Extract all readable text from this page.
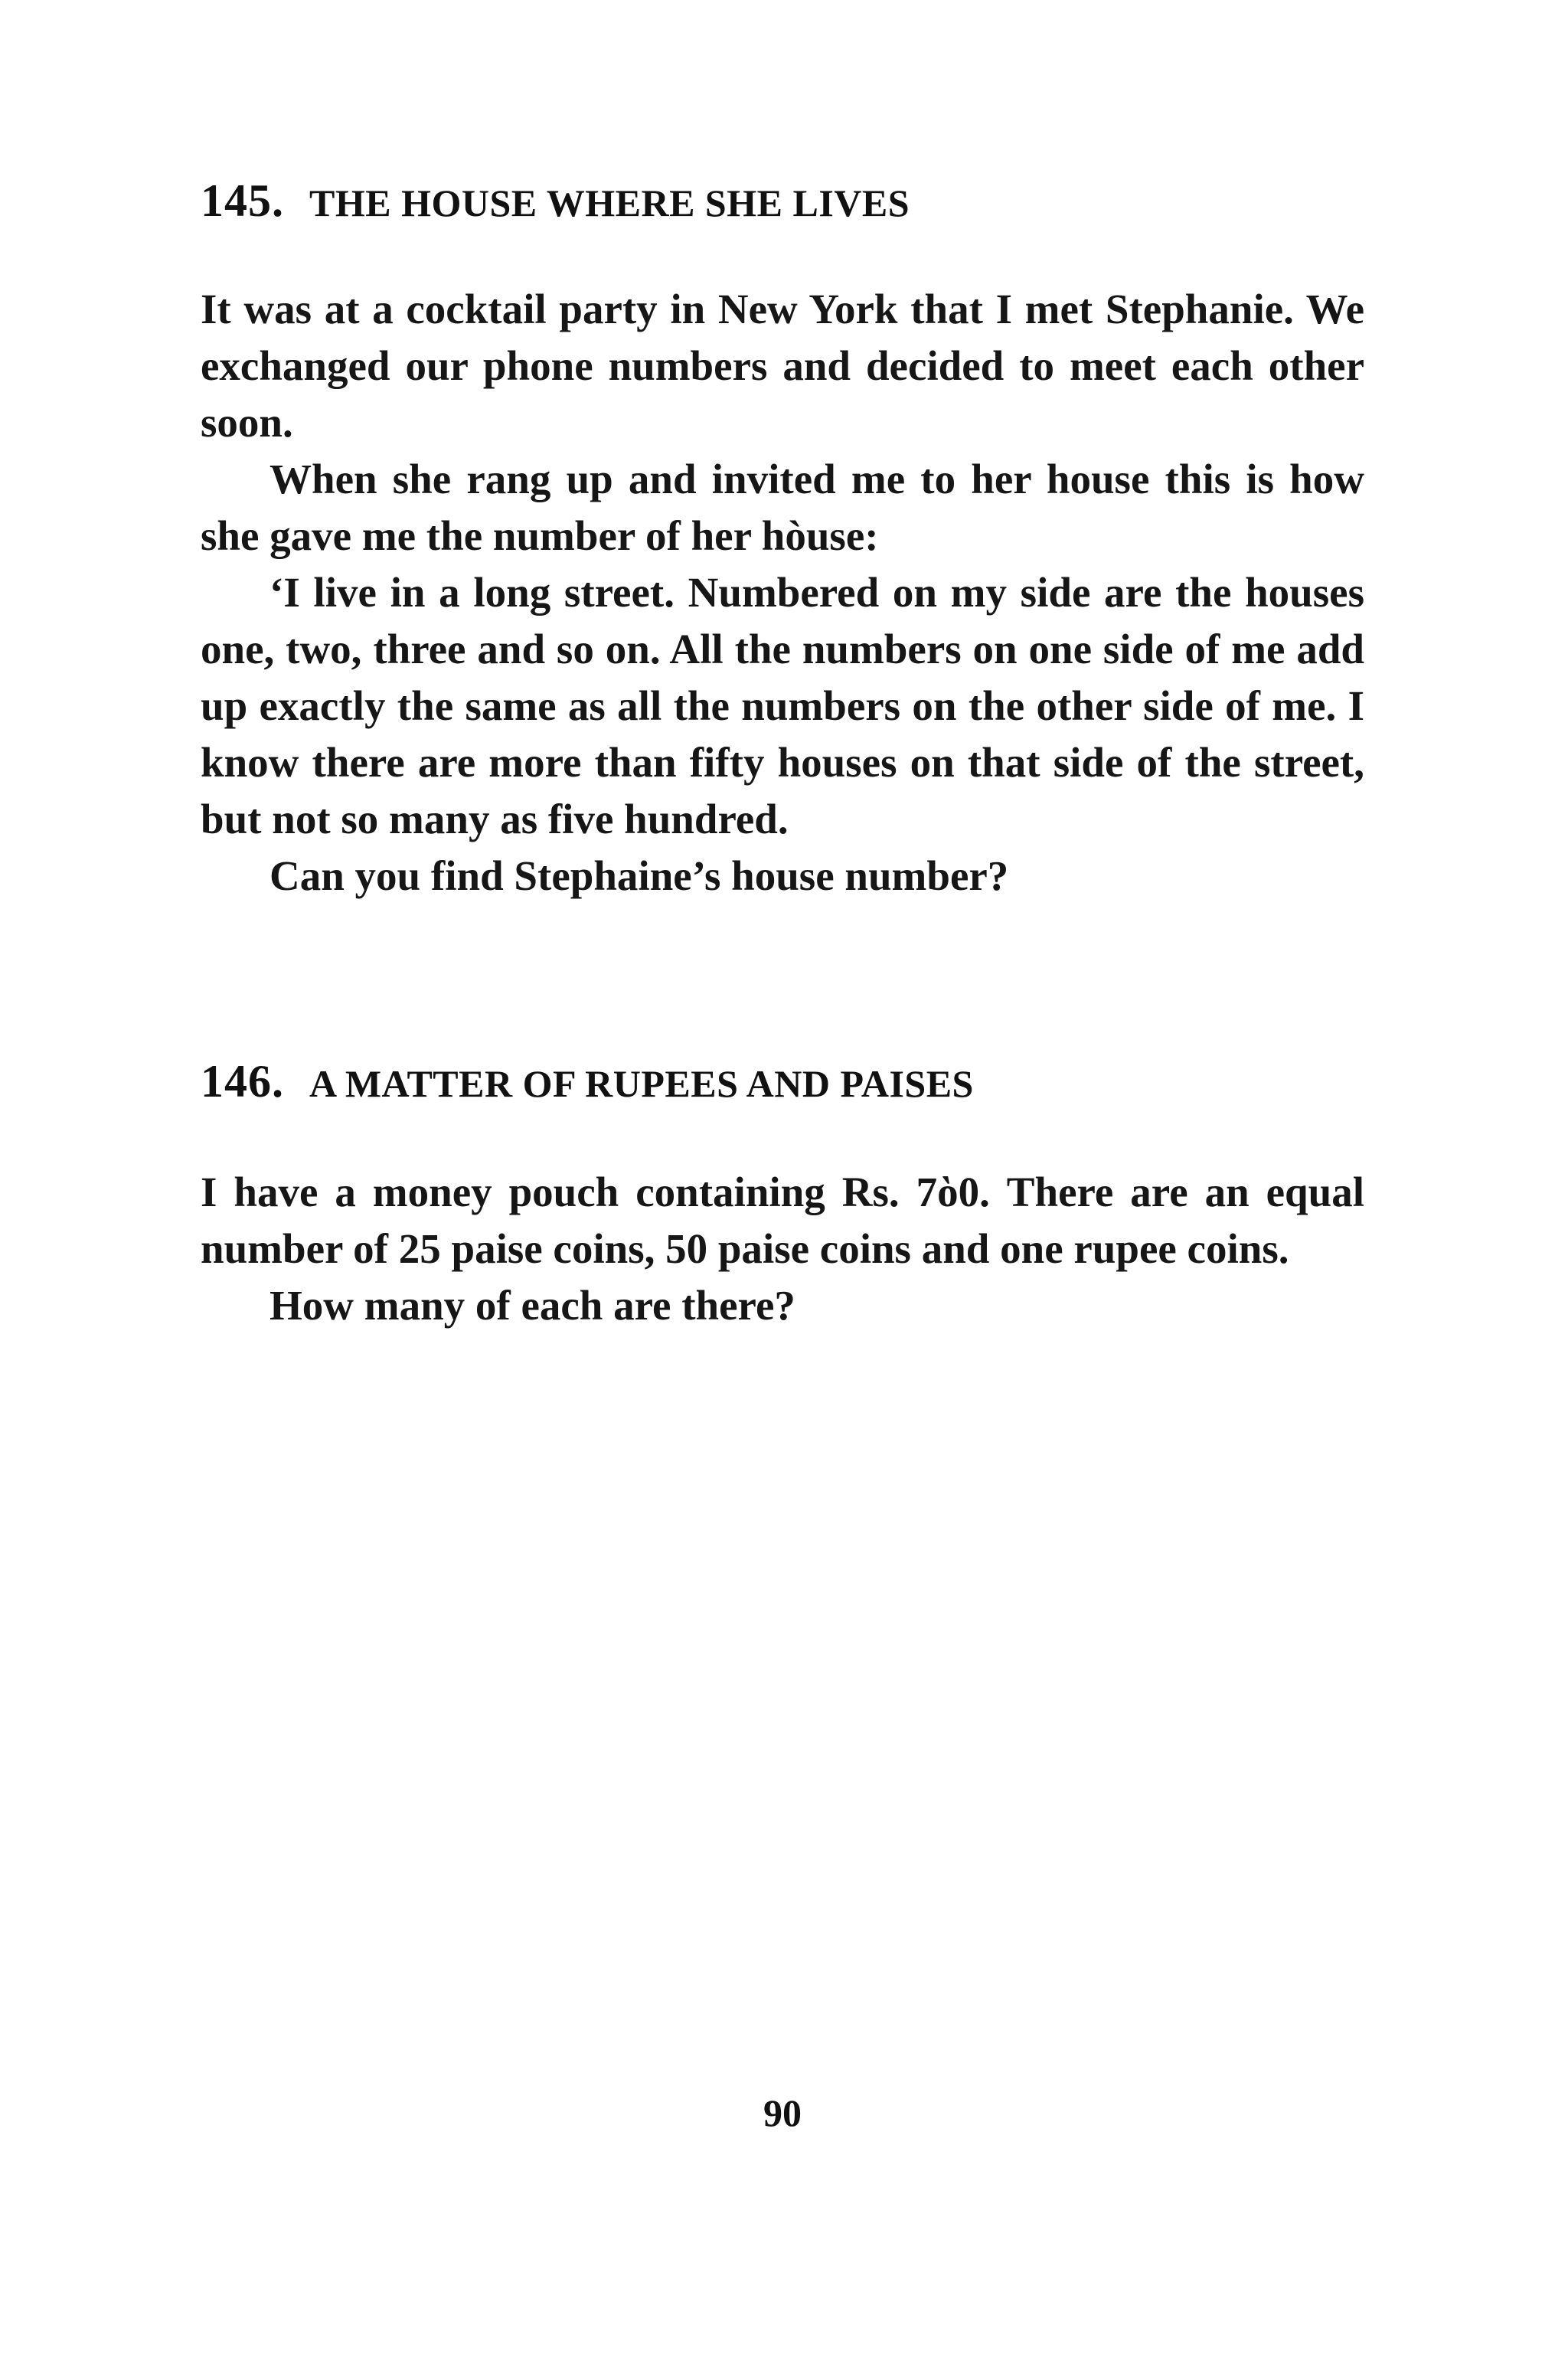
145. THE HOUSE WHERE SHE LIVES

It was at a cocktail party in New York that I met Stephanie. We exchanged our phone numbers and decided to meet each other soon.

When she rang up and invited me to her house this is how she gave me the number of her hòuse:

‘I live in a long street. Numbered on my side are the houses one, two, three and so on. All the numbers on one side of me add up exactly the same as all the numbers on the other side of me. I know there are more than fifty houses on that side of the street, but not so many as five hundred.

Can you find Stephaine’s house number?

146. A MATTER OF RUPEES AND PAISES

I have a money pouch containing Rs. 7ὸ0. There are an equal number of 25 paise coins, 50 paise coins and one rupee coins.

How many of each are there?

90
